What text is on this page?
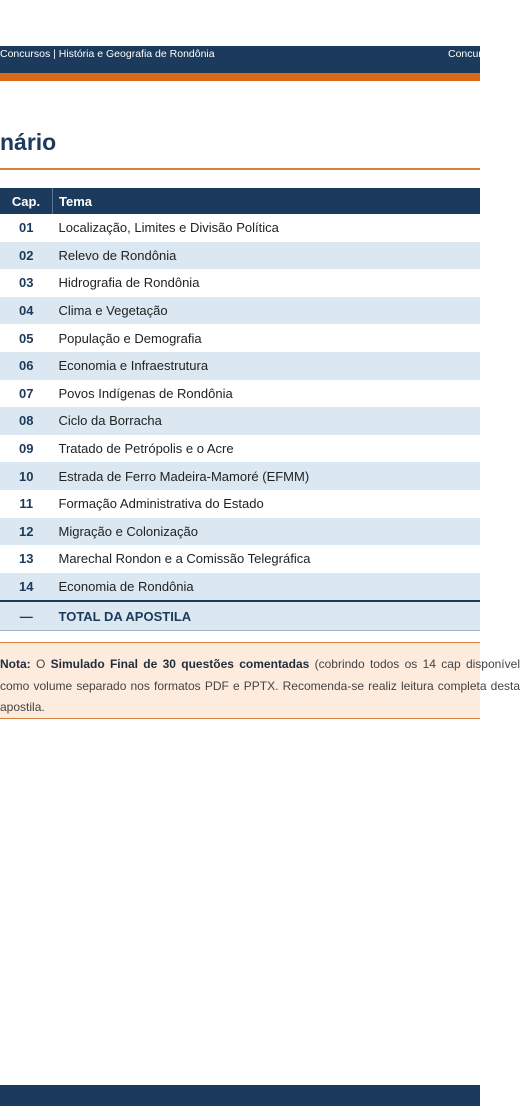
Concursos | História e Geografia de Rondônia	Concur
nário
Cap.	Tema
01	Localização, Limites e Divisão Política
02	Relevo de Rondônia
03	Hidrografia de Rondônia
04	Clima e Vegetação
05	População e Demografia
06	Economia e Infraestrutura
07	Povos Indígenas de Rondônia
08	Ciclo da Borracha
09	Tratado de Petrópolis e o Acre
10	Estrada de Ferro Madeira-Mamoré (EFMM)
11	Formação Administrativa do Estado
12	Migração e Colonização
13	Marechal Rondon e a Comissão Telegráfica
14	Economia de Rondônia
—	TOTAL DA APOSTILA
Nota: O Simulado Final de 30 questões comentadas (cobrindo todos os 14 cap disponível como volume separado nos formatos PDF e PPTX. Recomenda-se realiz leitura completa desta apostila.
